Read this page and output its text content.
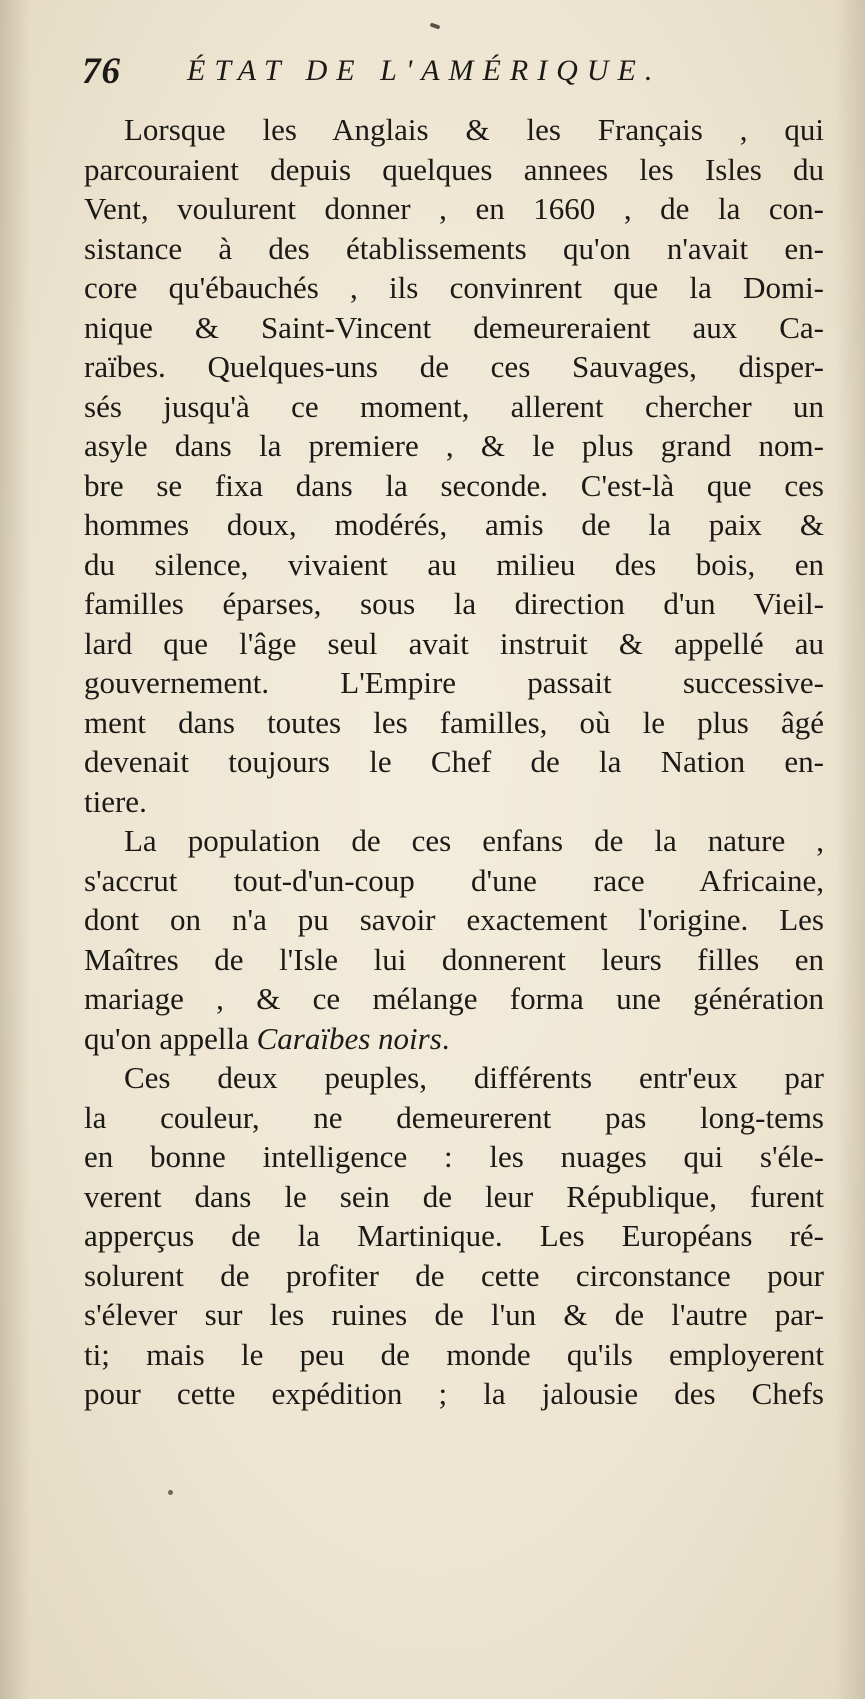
76 ÉTAT DE L'AMÉRIQUE.
Lorsque les Anglais & les Français , qui
parcouraient depuis quelques annees les Isles du
Vent, voulurent donner , en 1660 , de la con-
sistance à des établissements qu'on n'avait en-
core qu'ébauchés , ils convinrent que la Domi-
nique & Saint-Vincent demeureraient aux Ca-
raïbes. Quelques-uns de ces Sauvages, disper-
sés jusqu'à ce moment, allerent chercher un
asyle dans la premiere , & le plus grand nom-
bre se fixa dans la seconde. C'est-là que ces
hommes doux, modérés, amis de la paix &
du silence, vivaient au milieu des bois, en
familles éparses, sous la direction d'un Vieil-
lard que l'âge seul avait instruit & appellé au
gouvernement. L'Empire passait successive-
ment dans toutes les familles, où le plus âgé
devenait toujours le Chef de la Nation en-
tiere.
La population de ces enfans de la nature ,
s'accrut tout-d'un-coup d'une race Africaine,
dont on n'a pu savoir exactement l'origine. Les
Maîtres de l'Isle lui donnerent leurs filles en
mariage , & ce mélange forma une génération
qu'on appella Caraïbes noirs.
Ces deux peuples, différents entr'eux par
la couleur, ne demeurerent pas long-tems
en bonne intelligence : les nuages qui s'éle-
verent dans le sein de leur République, furent
apperçus de la Martinique. Les Européans ré-
solurent de profiter de cette circonstance pour
s'élever sur les ruines de l'un & de l'autre par-
ti; mais le peu de monde qu'ils employerent
pour cette expédition ; la jalousie des Chefs
